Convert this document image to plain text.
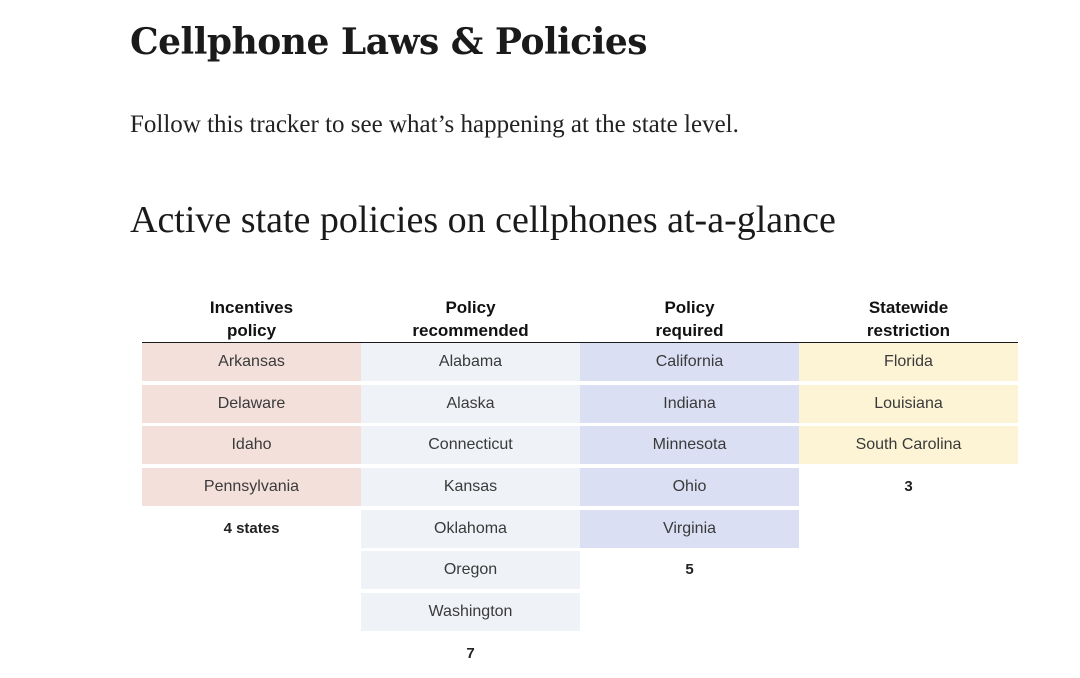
Cellphone Laws & Policies

Follow this tracker to see what’s happening at the state level.

Active state policies on cellphones at-a-glance
Incentives
policy
Policy
recommended
Policy
required
Statewide
restriction
Arkansas
Delaware
Idaho
Pennsylvania
4 states
Alabama
Alaska
Connecticut
Kansas
Oklahoma
Oregon
Washington
7
California
Indiana
Minnesota
Ohio
Virginia
5
Florida
Louisiana
South Carolina
3
